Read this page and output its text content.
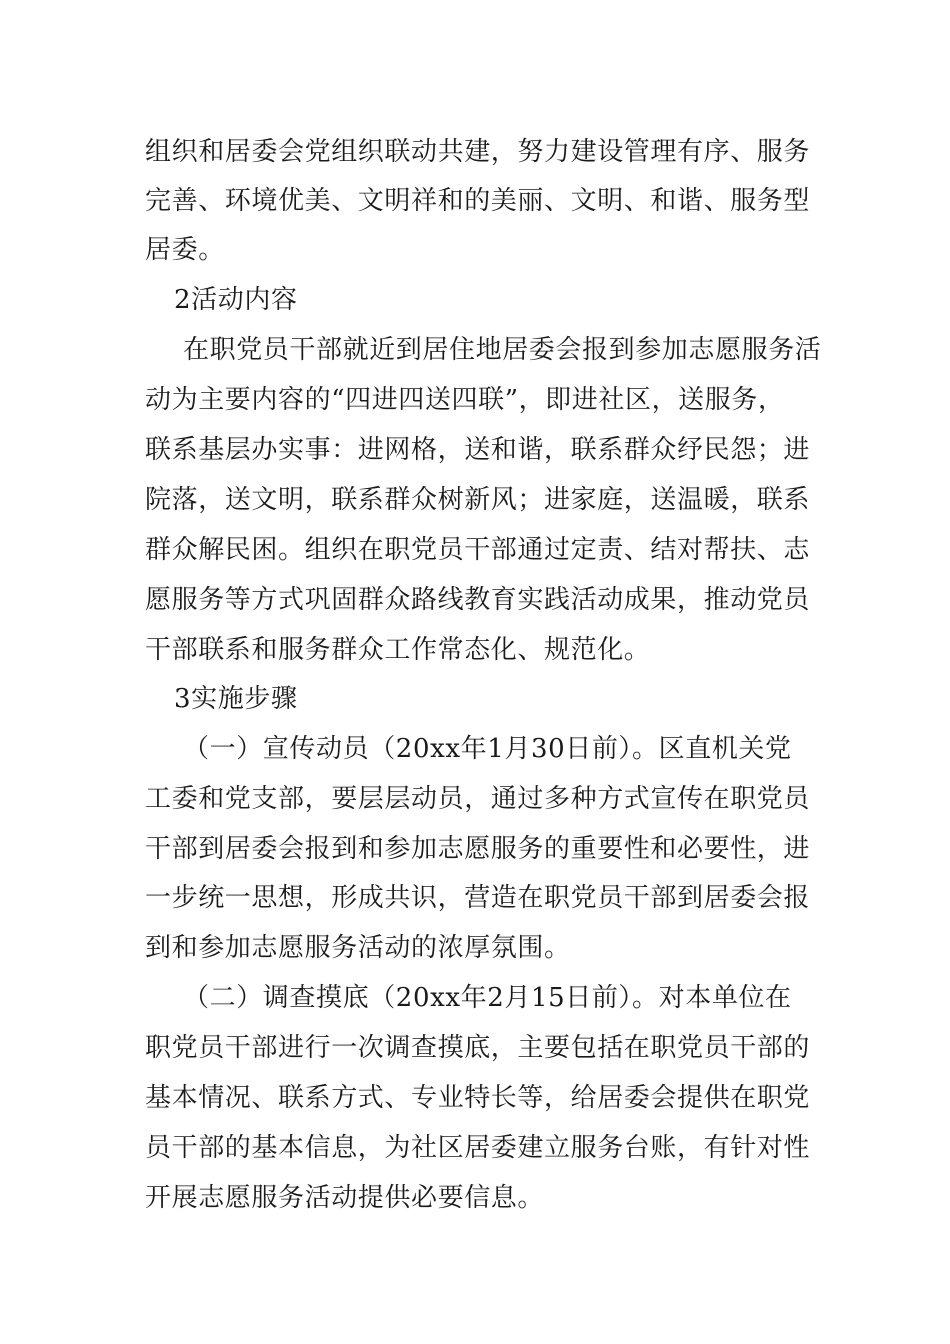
组织和居委会党组织联动共建，努力建设管理有序、服务
完善、环境优美、文明祥和的美丽、文明、和谐、服务型
居委。
2活动内容
在职党员干部就近到居住地居委会报到参加志愿服务活
动为主要内容的“四进四送四联”，即进社区，送服务，
联系基层办实事：进网格，送和谐，联系群众纾民怨；进
院落，送文明，联系群众树新风；进家庭，送温暖，联系
群众解民困。组织在职党员干部通过定责、结对帮扶、志
愿服务等方式巩固群众路线教育实践活动成果，推动党员
干部联系和服务群众工作常态化、规范化。
3实施步骤
（一）宣传动员（20xx年1月30日前）。区直机关党
工委和党支部，要层层动员，通过多种方式宣传在职党员
干部到居委会报到和参加志愿服务的重要性和必要性，进
一步统一思想，形成共识，营造在职党员干部到居委会报
到和参加志愿服务活动的浓厚氛围。
（二）调查摸底（20xx年2月15日前）。对本单位在
职党员干部进行一次调查摸底，主要包括在职党员干部的
基本情况、联系方式、专业特长等，给居委会提供在职党
员干部的基本信息，为社区居委建立服务台账，有针对性
开展志愿服务活动提供必要信息。
